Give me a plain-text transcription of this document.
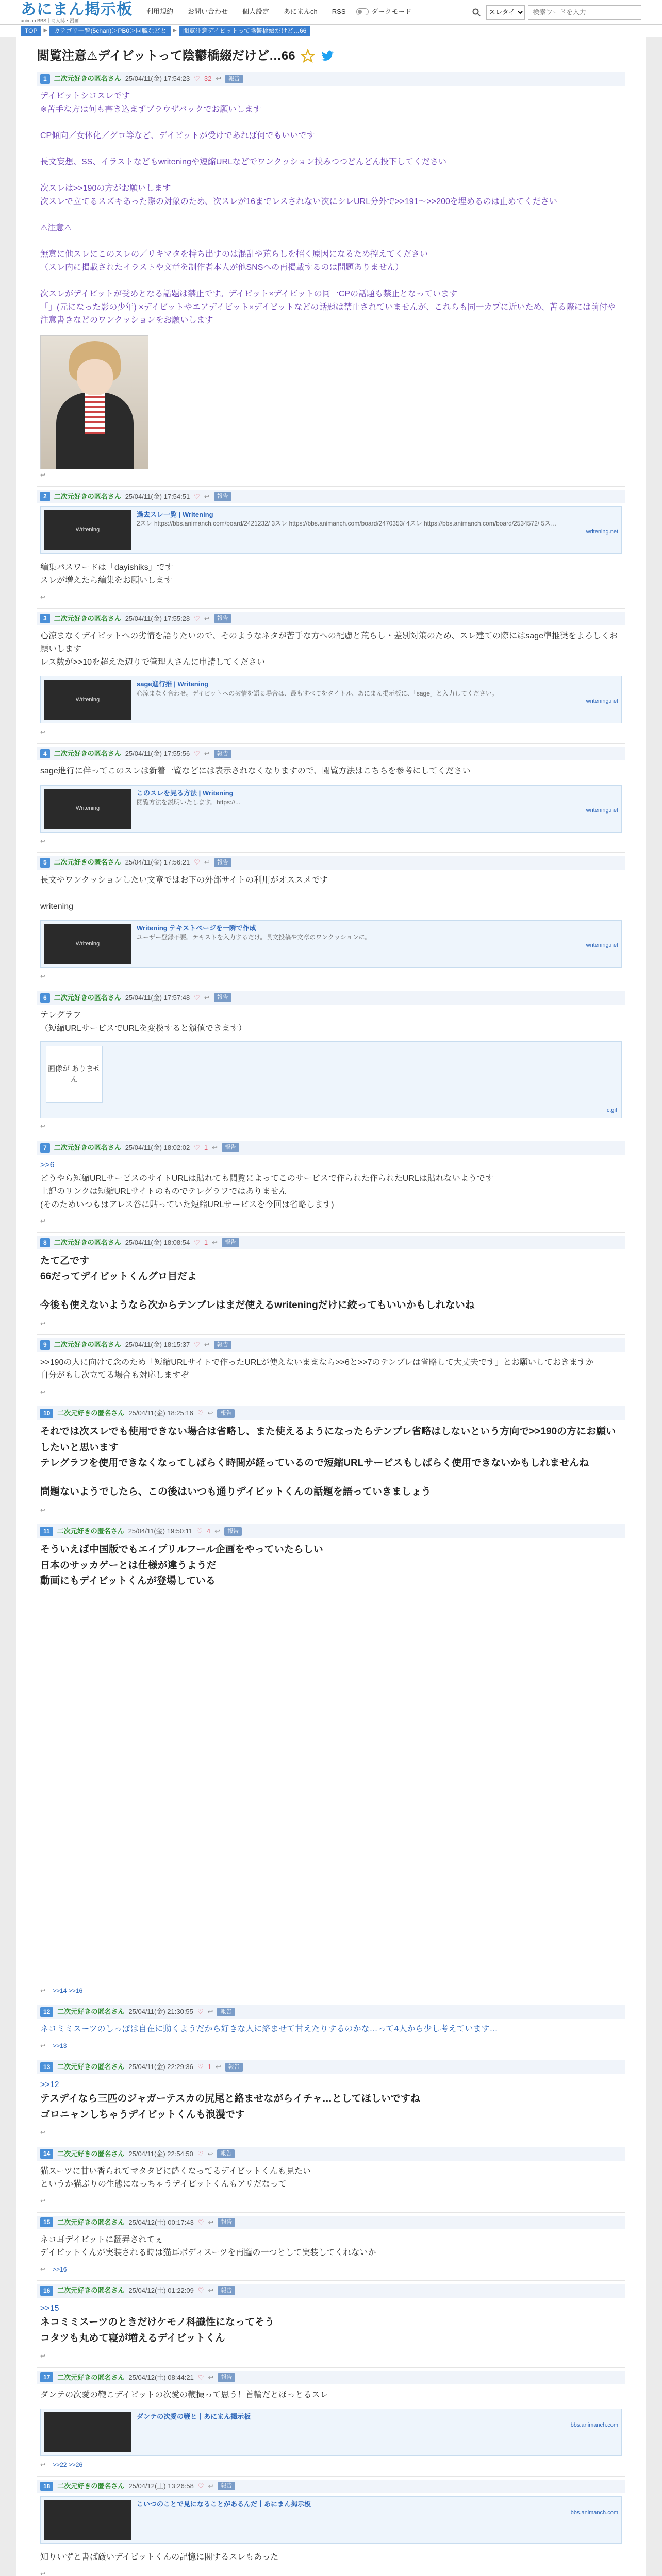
あにまん掲示板
animan BBS｜同人誌・漫画
利用規約	お問い合わせ	個人設定	あにまんch	RSS	ダークモード
スレタイ
検索ワードを入力
TOP	▶	カテゴリ一覧(5chan)＞PB0＞同職などと	▶	閲覧注意デイビットって陰鬱橋綴だけど…66
閲覧注意⚠デイビットって陰鬱橋綴だけど…66
1	二次元好きの匿名さん 25/04/11(金) 17:54:23 ♡ 32 ↩	報告
デイビットシコスレです
※苦手な方は何も書き込まずブラウザバックでお願いします
CP傾向／女体化／グロ等など、デイビットが受けであれば何でもいいです
長文妄想、SS、イラストなどもwriteningや短縮URLなどでワンクッション挟みつつどんどん投下してください
次スレは>>190の方がお願いします
次スレで立てるスズキあった際の対象のため、次スレが16までレスされない次にシレURL分外で>>191〜>>200を埋めるのは止めてください
⚠注意⚠
無意に他スレにこのスレの／リキマタを持ち出すのは混乱や荒らしを招く原因になるため控えてください
（スレ内に掲載されたイラストや文章を制作者本人が他SNSへの再掲載するのは問題ありません）
次スレがデイビットが受めとなる話題は禁止です。デイビット×デイビットの同一CPの話題も禁止となっています
「」(元になった影の少年) ×デイビットやエアデイビット×デイビットなどの話題は禁止されていませんが、これらも同一カプに近いため、苦る際には前付や注意書きなどのワンクッションをお願いします
↩
2	二次元好きの匿名さん 25/04/11(金) 17:54:51 ♡ ↩	報告
Writening
過去スレ一覧 | Writening
2スレ https://bbs.animanch.com/board/2421232/ 3スレ https://bbs.animanch.com/board/2470353/ 4スレ https://bbs.animanch.com/board/2534572/ 5ス…
writening.net
編集パスワードは「dayishiks」です
スレが増えたら編集をお願いします
↩
3	二次元好きの匿名さん 25/04/11(金) 17:55:28 ♡ ↩	報告
心涼まなくデイビットへの劣情を語りたいので、そのようなネタが苦手な方への配慮と荒らし・差別対策のため、スレ建ての際にはsage準推奨をよろしくお願いします
レス数が>>10を超えた辺りで管理人さんに申請してください
Writening
sage進行推 | Writening
心涼まなく合わせ。デイビットへの劣情を語る場合は、最もすべてをタイトル、あにまん掲示板に、「sage」と入力してください。
writening.net
↩
4	二次元好きの匿名さん 25/04/11(金) 17:55:56 ♡ ↩	報告
sage進行に伴ってこのスレは新着一覧などには表示されなくなりますので、閲覧方法はこちらを参考にしてください
Writening
このスレを見る方法 | Writening
閲覧方法を説明いたします。https://...
writening.net
↩
5	二次元好きの匿名さん 25/04/11(金) 17:56:21 ♡ ↩	報告
長文やワンクッションしたい文章ではお下の外部サイトの利用がオススメです
writening
Writening
Writening テキストページを一瞬で作成
ユーザー登録不要。テキストを入力するだけ。長文投稿や文章のワンクッションに。
writening.net
↩
6	二次元好きの匿名さん 25/04/11(金) 17:57:48 ♡ ↩	報告
テレグラフ
（短縮URLサービスでURLを変換すると頒値できます）
画像が ありません
c.gif
↩
7	二次元好きの匿名さん 25/04/11(金) 18:02:02 ♡ 1 ↩	報告
>>6
どうやら短縮URLサービスのサイトURLは貼れても閲覧によってこのサービスで作られた作られたURLは貼れないようです
上記のリンクは短縮URLサイトのものでテレグラフではありません
(そのためいつもはアレス谷に貼っていた短縮URLサービスを今回は省略します)
↩
8	二次元好きの匿名さん 25/04/11(金) 18:08:54 ♡ 1 ↩	報告
たて乙です
66だってデイビットくんグロ目だよ
今後も使えないようなら次からテンプレはまだ使えるwriteningだけに絞ってもいいかもしれないね
↩
9	二次元好きの匿名さん 25/04/11(金) 18:15:37 ♡ ↩	報告
>>190の人に向けて念のため「短縮URLサイトで作ったURLが使えないままなら>>6と>>7のテンプレは省略して大丈夫です」とお願いしておきますか
自分がもし次立てる場合も対応しますぞ
↩
10	二次元好きの匿名さん 25/04/11(金) 18:25:16 ♡ ↩	報告
それでは次スレでも使用できない場合は省略し、また使えるようになったらテンプレ省略はしないという方向で>>190の方にお願いしたいと思います
テレグラフを使用できなくなってしばらく時間が経っているので短縮URLサービスもしばらく使用できないかもしれませんね
問題ないようでしたら、この後はいつも通りデイビットくんの話題を語っていきましょう
↩
11	二次元好きの匿名さん 25/04/11(金) 19:50:11 ♡ 4 ↩	報告
そういえば中国版でもエイプリルフール企画をやっていたらしい
日本のサッカゲーとは仕様が違うようだ
動画にもデイビットくんが登場している
↩ >>14 >>16
12	二次元好きの匿名さん 25/04/11(金) 21:30:55 ♡ ↩	報告
ネコミミスーツのしっぽは自在に動くようだから好きな人に絡ませて甘えたりするのかな…って4人から少し考えています…
↩ >>13
13	二次元好きの匿名さん 25/04/11(金) 22:29:36 ♡ 1 ↩	報告
>>12
テスデイなら三匹のジャガーテスカの尻尾と絡ませながらイチャ…としてほしいですね
ゴロニャンしちゃうデイビットくんも浪漫です
↩
14	二次元好きの匿名さん 25/04/11(金) 22:54:50 ♡ ↩	報告
猫スーツに甘い香られてマタタビに酔くなってるデイビットくんも見たい
というか猫ぶりの生態になっちゃうデイビットくんもアリだなって
↩
15	二次元好きの匿名さん 25/04/12(土) 00:17:43 ♡ ↩	報告
ネコ耳デイビットに翻弄されてぇ
デイビットくんが実装される時は猫耳ボディスーツを再臨の一つとして実装してくれないか
↩ >>16
16	二次元好きの匿名さん 25/04/12(土) 01:22:09 ♡ ↩	報告
>>15
ネコミミスーツのときだけケモノ科識性になってそう
コタツも丸めて寝が増えるデイビットくん
↩
17	二次元好きの匿名さん 25/04/12(土) 08:44:21 ♡ ↩	報告
ダンテの次愛の鞭こデイビットの次愛の鞭撮って思う！首輪だとほっとるスレ
ダンテの次愛の鞭と｜あにまん掲示板
bbs.animanch.com
↩ >>22 >>26
18	二次元好きの匿名さん 25/04/12(土) 13:26:58 ♡ ↩	報告
こいつのことで見になることがあるんだ｜あにまん掲示板
bbs.animanch.com
知りいずと書ば厳いデイビットくんの記憶に関するスレもあった
↩
